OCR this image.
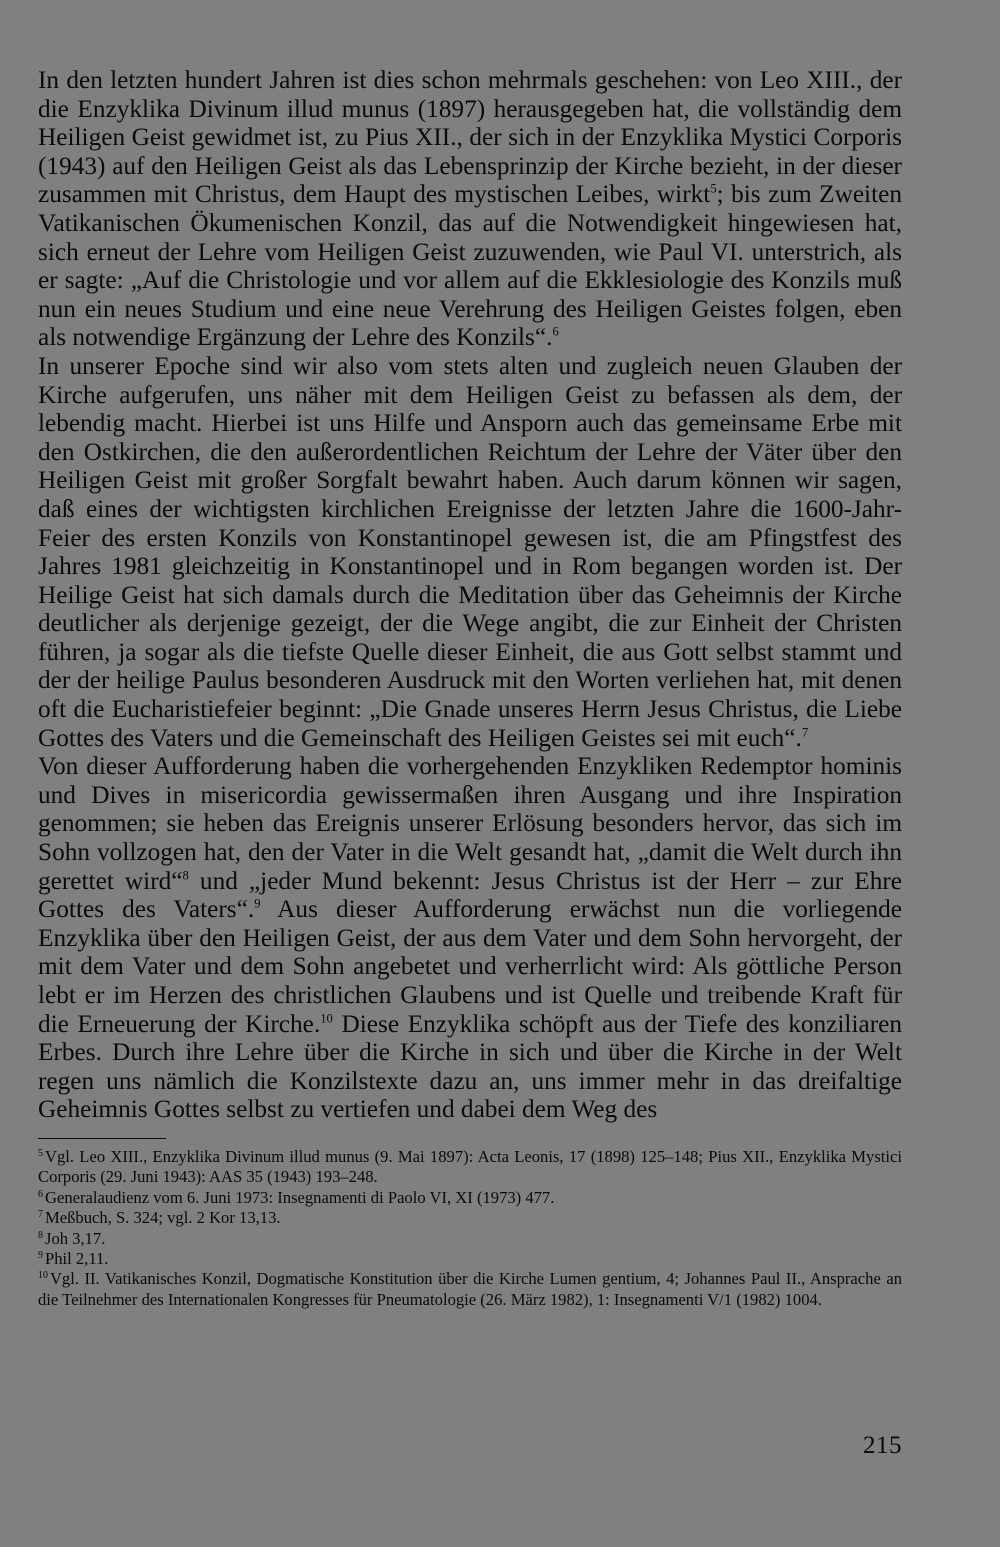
In den letzten hundert Jahren ist dies schon mehrmals geschehen: von Leo XIII., der die Enzyklika Divinum illud munus (1897) herausgegeben hat, die vollständig dem Heiligen Geist gewidmet ist, zu Pius XII., der sich in der Enzyklika Mystici Corporis (1943) auf den Heiligen Geist als das Lebensprinzip der Kirche bezieht, in der dieser zusammen mit Christus, dem Haupt des mystischen Leibes, wirkt$^5$; bis zum Zweiten Vatikanischen Ökumenischen Konzil, das auf die Notwendigkeit hingewiesen hat, sich erneut der Lehre vom Heiligen Geist zuzuwenden, wie Paul VI. unterstrich, als er sagte: „Auf die Christologie und vor allem auf die Ekklesiologie des Konzils muß nun ein neues Studium und eine neue Verehrung des Heiligen Geistes folgen, eben als notwendige Ergänzung der Lehre des Konzils“.$^6$

In unserer Epoche sind wir also vom stets alten und zugleich neuen Glauben der Kirche aufgerufen, uns näher mit dem Heiligen Geist zu befassen als dem, der lebendig macht. Hierbei ist uns Hilfe und Ansporn auch das gemeinsame Erbe mit den Ostkirchen, die den außerordentlichen Reichtum der Lehre der Väter über den Heiligen Geist mit großer Sorgfalt bewahrt haben. Auch darum können wir sagen, daß eines der wichtigsten kirchlichen Ereignisse der letzten Jahre die 1600-Jahr-Feier des ersten Konzils von Konstantinopel gewesen ist, die am Pfingstfest des Jahres 1981 gleichzeitig in Konstantinopel und in Rom begangen worden ist. Der Heilige Geist hat sich damals durch die Meditation über das Geheimnis der Kirche deutlicher als derjenige gezeigt, der die Wege angibt, die zur Einheit der Christen führen, ja sogar als die tiefste Quelle dieser Einheit, die aus Gott selbst stammt und der der heilige Paulus besonderen Ausdruck mit den Worten verliehen hat, mit denen oft die Eucharistiefeier beginnt: „Die Gnade unseres Herrn Jesus Christus, die Liebe Gottes des Vaters und die Gemeinschaft des Heiligen Geistes sei mit euch“.$^7$

Von dieser Aufforderung haben die vorhergehenden Enzykliken Redemptor hominis und Dives in misericordia gewissermaßen ihren Ausgang und ihre Inspiration genommen; sie heben das Ereignis unserer Erlösung besonders hervor, das sich im Sohn vollzogen hat, den der Vater in die Welt gesandt hat, „damit die Welt durch ihn gerettet wird“$^8$ und „jeder Mund bekennt: Jesus Christus ist der Herr – zur Ehre Gottes des Vaters“.$^9$ Aus dieser Aufforderung erwächst nun die vorliegende Enzyklika über den Heiligen Geist, der aus dem Vater und dem Sohn hervorgeht, der mit dem Vater und dem Sohn angebetet und verherrlicht wird: Als göttliche Person lebt er im Herzen des christlichen Glaubens und ist Quelle und treibende Kraft für die Erneuerung der Kirche.$^{10}$ Diese Enzyklika schöpft aus der Tiefe des konziliaren Erbes. Durch ihre Lehre über die Kirche in sich und über die Kirche in der Welt regen uns nämlich die Konzilstexte dazu an, uns immer mehr in das dreifaltige Geheimnis Gottes selbst zu vertiefen und dabei dem Weg des

$^5$ Vgl. Leo XIII., Enzyklika Divinum illud munus (9. Mai 1897): Acta Leonis, 17 (1898) 125–148; Pius XII., Enzyklika Mystici Corporis (29. Juni 1943): AAS 35 (1943) 193–248.

$^6$ Generalaudienz vom 6. Juni 1973: Insegnamenti di Paolo VI, XI (1973) 477.

$^7$ Meßbuch, S. 324; vgl. 2 Kor 13,13.

$^8$ Joh 3,17.

$^9$ Phil 2,11.

$^{10}$ Vgl. II. Vatikanisches Konzil, Dogmatische Konstitution über die Kirche Lumen gentium, 4; Johannes Paul II., Ansprache an die Teilnehmer des Internationalen Kongresses für Pneumatologie (26. März 1982), 1: Insegnamenti V/1 (1982) 1004.

215
